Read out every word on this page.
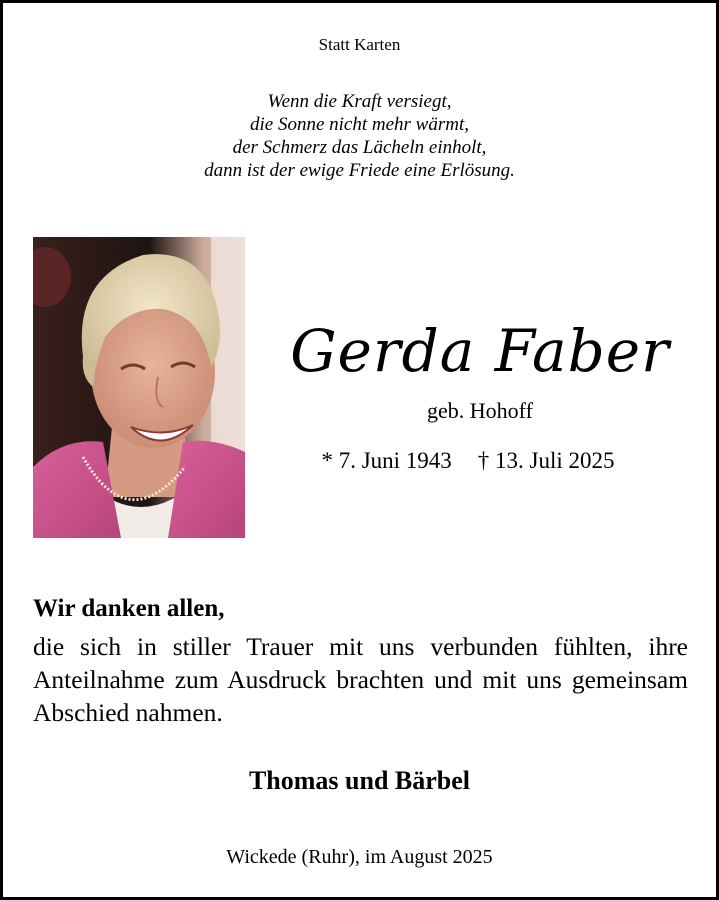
Statt Karten
Wenn die Kraft versiegt,
die Sonne nicht mehr wärmt,
der Schmerz das Lächeln einholt,
dann ist der ewige Friede eine Erlösung.
Gerda Faber
geb. Hohoff
* 7. Juni 1943 † 13. Juli 2025
Wir danken allen,
die sich in stiller Trauer mit uns verbunden fühlten, ihre Anteilnahme zum Ausdruck brachten und mit uns gemeinsam Abschied nahmen.
Thomas und Bärbel
Wickede (Ruhr), im August 2025
